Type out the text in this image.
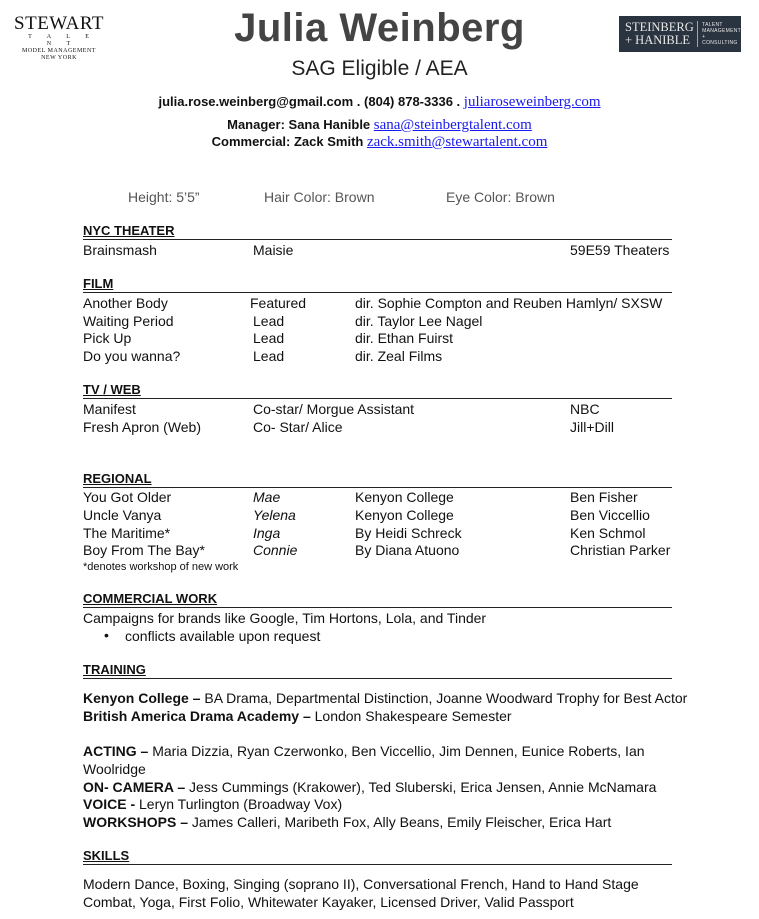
STEWART
T A L E N T
MODEL MANAGEMENT
NEW YORK
STEINBERG
+ HANIBLE
TALENT
MANAGEMENT
+
CONSULTING
Julia Weinberg
SAG Eligible / AEA
julia.rose.weinberg@gmail.com . (804) 878-3336 . juliaroseweinberg.com
Manager: Sana Hanible sana@steinbergtalent.com
Commercial: Zack Smith zack.smith@stewartalent.com
Height: 5’5”	Hair Color: Brown	Eye Color: Brown
NYC THEATER
Brainsmash	Maisie	59E59 Theaters
FILM
Another Body	Featured	dir. Sophie Compton and Reuben Hamlyn/ SXSW
Waiting Period	Lead	dir. Taylor Lee Nagel
Pick Up	Lead	dir. Ethan Fuirst
Do you wanna?	Lead	dir. Zeal Films
TV / WEB
Manifest	Co-star/ Morgue Assistant	NBC
Fresh Apron (Web)	Co- Star/ Alice	Jill+Dill
REGIONAL
You Got Older	Mae	Kenyon College	Ben Fisher
Uncle Vanya	Yelena	Kenyon College	Ben Viccellio
The Maritime*	Inga	By Heidi Schreck	Ken Schmol
Boy From The Bay*	Connie	By Diana Atuono	Christian Parker
*denotes workshop of new work
COMMERCIAL WORK
Campaigns for brands like Google, Tim Hortons, Lola, and Tinder
• conflicts available upon request
TRAINING
Kenyon College – BA Drama, Departmental Distinction, Joanne Woodward Trophy for Best Actor
British America Drama Academy – London Shakespeare Semester
ACTING – Maria Dizzia, Ryan Czerwonko, Ben Viccellio, Jim Dennen, Eunice Roberts, Ian Woolridge
ON- CAMERA – Jess Cummings (Krakower), Ted Sluberski, Erica Jensen, Annie McNamara
VOICE - Leryn Turlington (Broadway Vox)
WORKSHOPS – James Calleri, Maribeth Fox, Ally Beans, Emily Fleischer, Erica Hart
SKILLS
Modern Dance, Boxing, Singing (soprano II), Conversational French, Hand to Hand Stage Combat, Yoga, First Folio, Whitewater Kayaker, Licensed Driver, Valid Passport
